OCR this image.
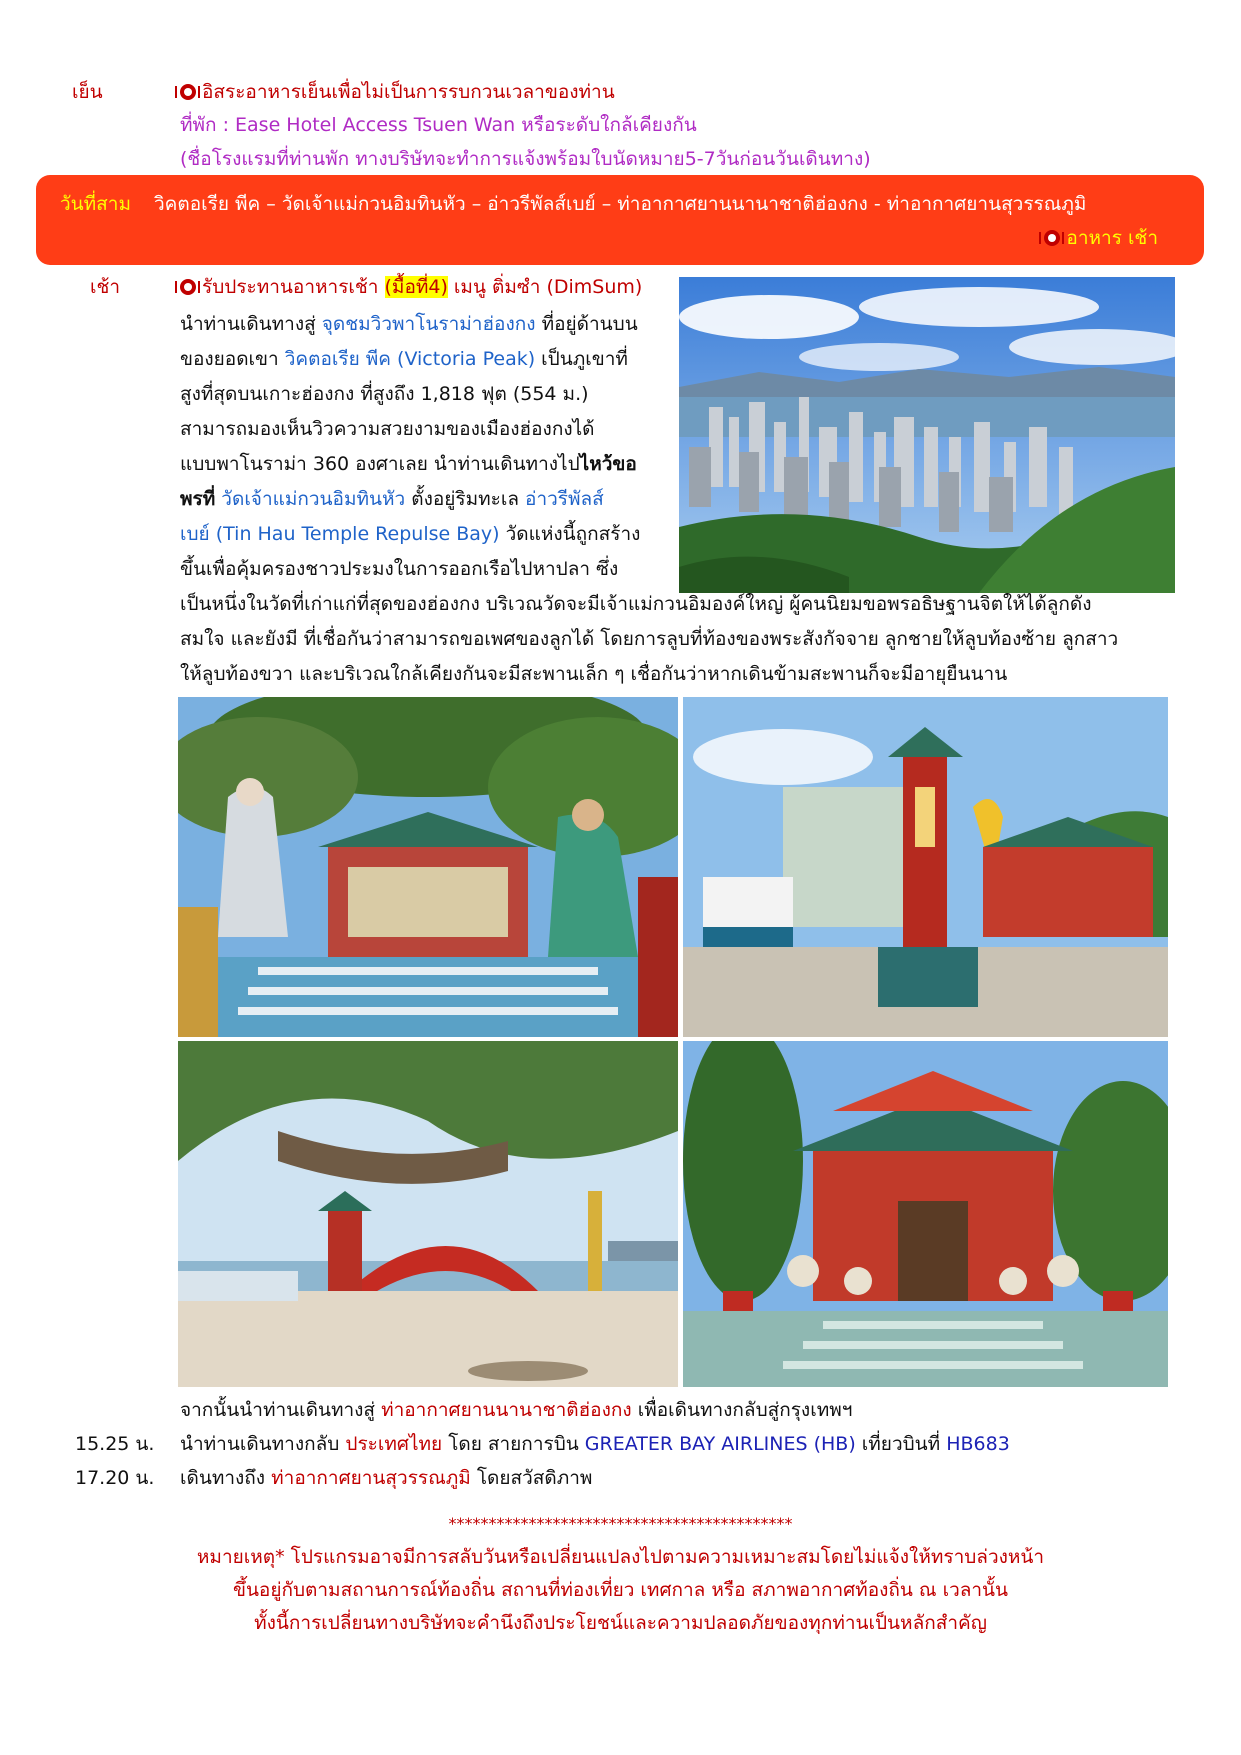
เย็น	อิสระอาหารเย็นเพื่อไม่เป็นการรบกวนเวลาของท่าน
ที่พัก : Ease Hotel Access Tsuen Wan หรือระดับใกล้เคียงกัน
(ชื่อโรงแรมที่ท่านพัก ทางบริษัทจะทำการแจ้งพร้อมใบนัดหมาย5-7วันก่อนวันเดินทาง)
วันที่สาม วิคตอเรีย พีค – วัดเจ้าแม่กวนอิมทินหัว – อ่าวรีพัลส์เบย์ – ท่าอากาศยานนานาชาติฮ่องกง - ท่าอากาศยานสุวรรณภูมิ
อาหาร เช้า
เช้า	รับประทานอาหารเช้า (มื้อที่4) เมนู ติ่มซำ (DimSum)
นำท่านเดินทางสู่ จุดชมวิวพาโนราม่าฮ่องกง ที่อยู่ด้านบน
ของยอดเขา วิคตอเรีย พีค (Victoria Peak) เป็นภูเขาที่
สูงที่สุดบนเกาะฮ่องกง ที่สูงถึง 1,818 ฟุต (554 ม.)
สามารถมองเห็นวิวความสวยงามของเมืองฮ่องกงได้
แบบพาโนราม่า 360 องศาเลย นำท่านเดินทางไปไหว้ขอ
พรที่ วัดเจ้าแม่กวนอิมทินหัว ตั้งอยู่ริมทะเล อ่าวรีพัลส์
เบย์ (Tin Hau Temple Repulse Bay) วัดแห่งนี้ถูกสร้าง
ขึ้นเพื่อคุ้มครองชาวประมงในการออกเรือไปหาปลา ซึ่ง
เป็นหนึ่งในวัดที่เก่าแก่ที่สุดของฮ่องกง บริเวณวัดจะมีเจ้าแม่กวนอิมองค์ใหญ่ ผู้คนนิยมขอพรอธิษฐานจิตให้ได้ลูกดั่ง
สมใจ และยังมี ที่เชื่อกันว่าสามารถขอเพศของลูกได้ โดยการลูบที่ท้องของพระสังกัจจาย ลูกชายให้ลูบท้องซ้าย ลูกสาว
ให้ลูบท้องขวา และบริเวณใกล้เคียงกันจะมีสะพานเล็ก ๆ เชื่อกันว่าหากเดินข้ามสะพานก็จะมีอายุยืนนาน
จากนั้นนำท่านเดินทางสู่ ท่าอากาศยานนานาชาติฮ่องกง เพื่อเดินทางกลับสู่กรุงเทพฯ
15.25 น. นำท่านเดินทางกลับ ประเทศไทย โดย สายการบิน GREATER BAY AIRLINES (HB) เที่ยวบินที่ HB683
17.20 น. เดินทางถึง ท่าอากาศยานสุวรรณภูมิ โดยสวัสดิภาพ
*******************************************
หมายเหตุ* โปรแกรมอาจมีการสลับวันหรือเปลี่ยนแปลงไปตามความเหมาะสมโดยไม่แจ้งให้ทราบล่วงหน้า
ขึ้นอยู่กับตามสถานการณ์ท้องถิ่น สถานที่ท่องเที่ยว เทศกาล หรือ สภาพอากาศท้องถิ่น ณ เวลานั้น
ทั้งนี้การเปลี่ยนทางบริษัทจะคำนึงถึงประโยชน์และความปลอดภัยของทุกท่านเป็นหลักสำคัญ
